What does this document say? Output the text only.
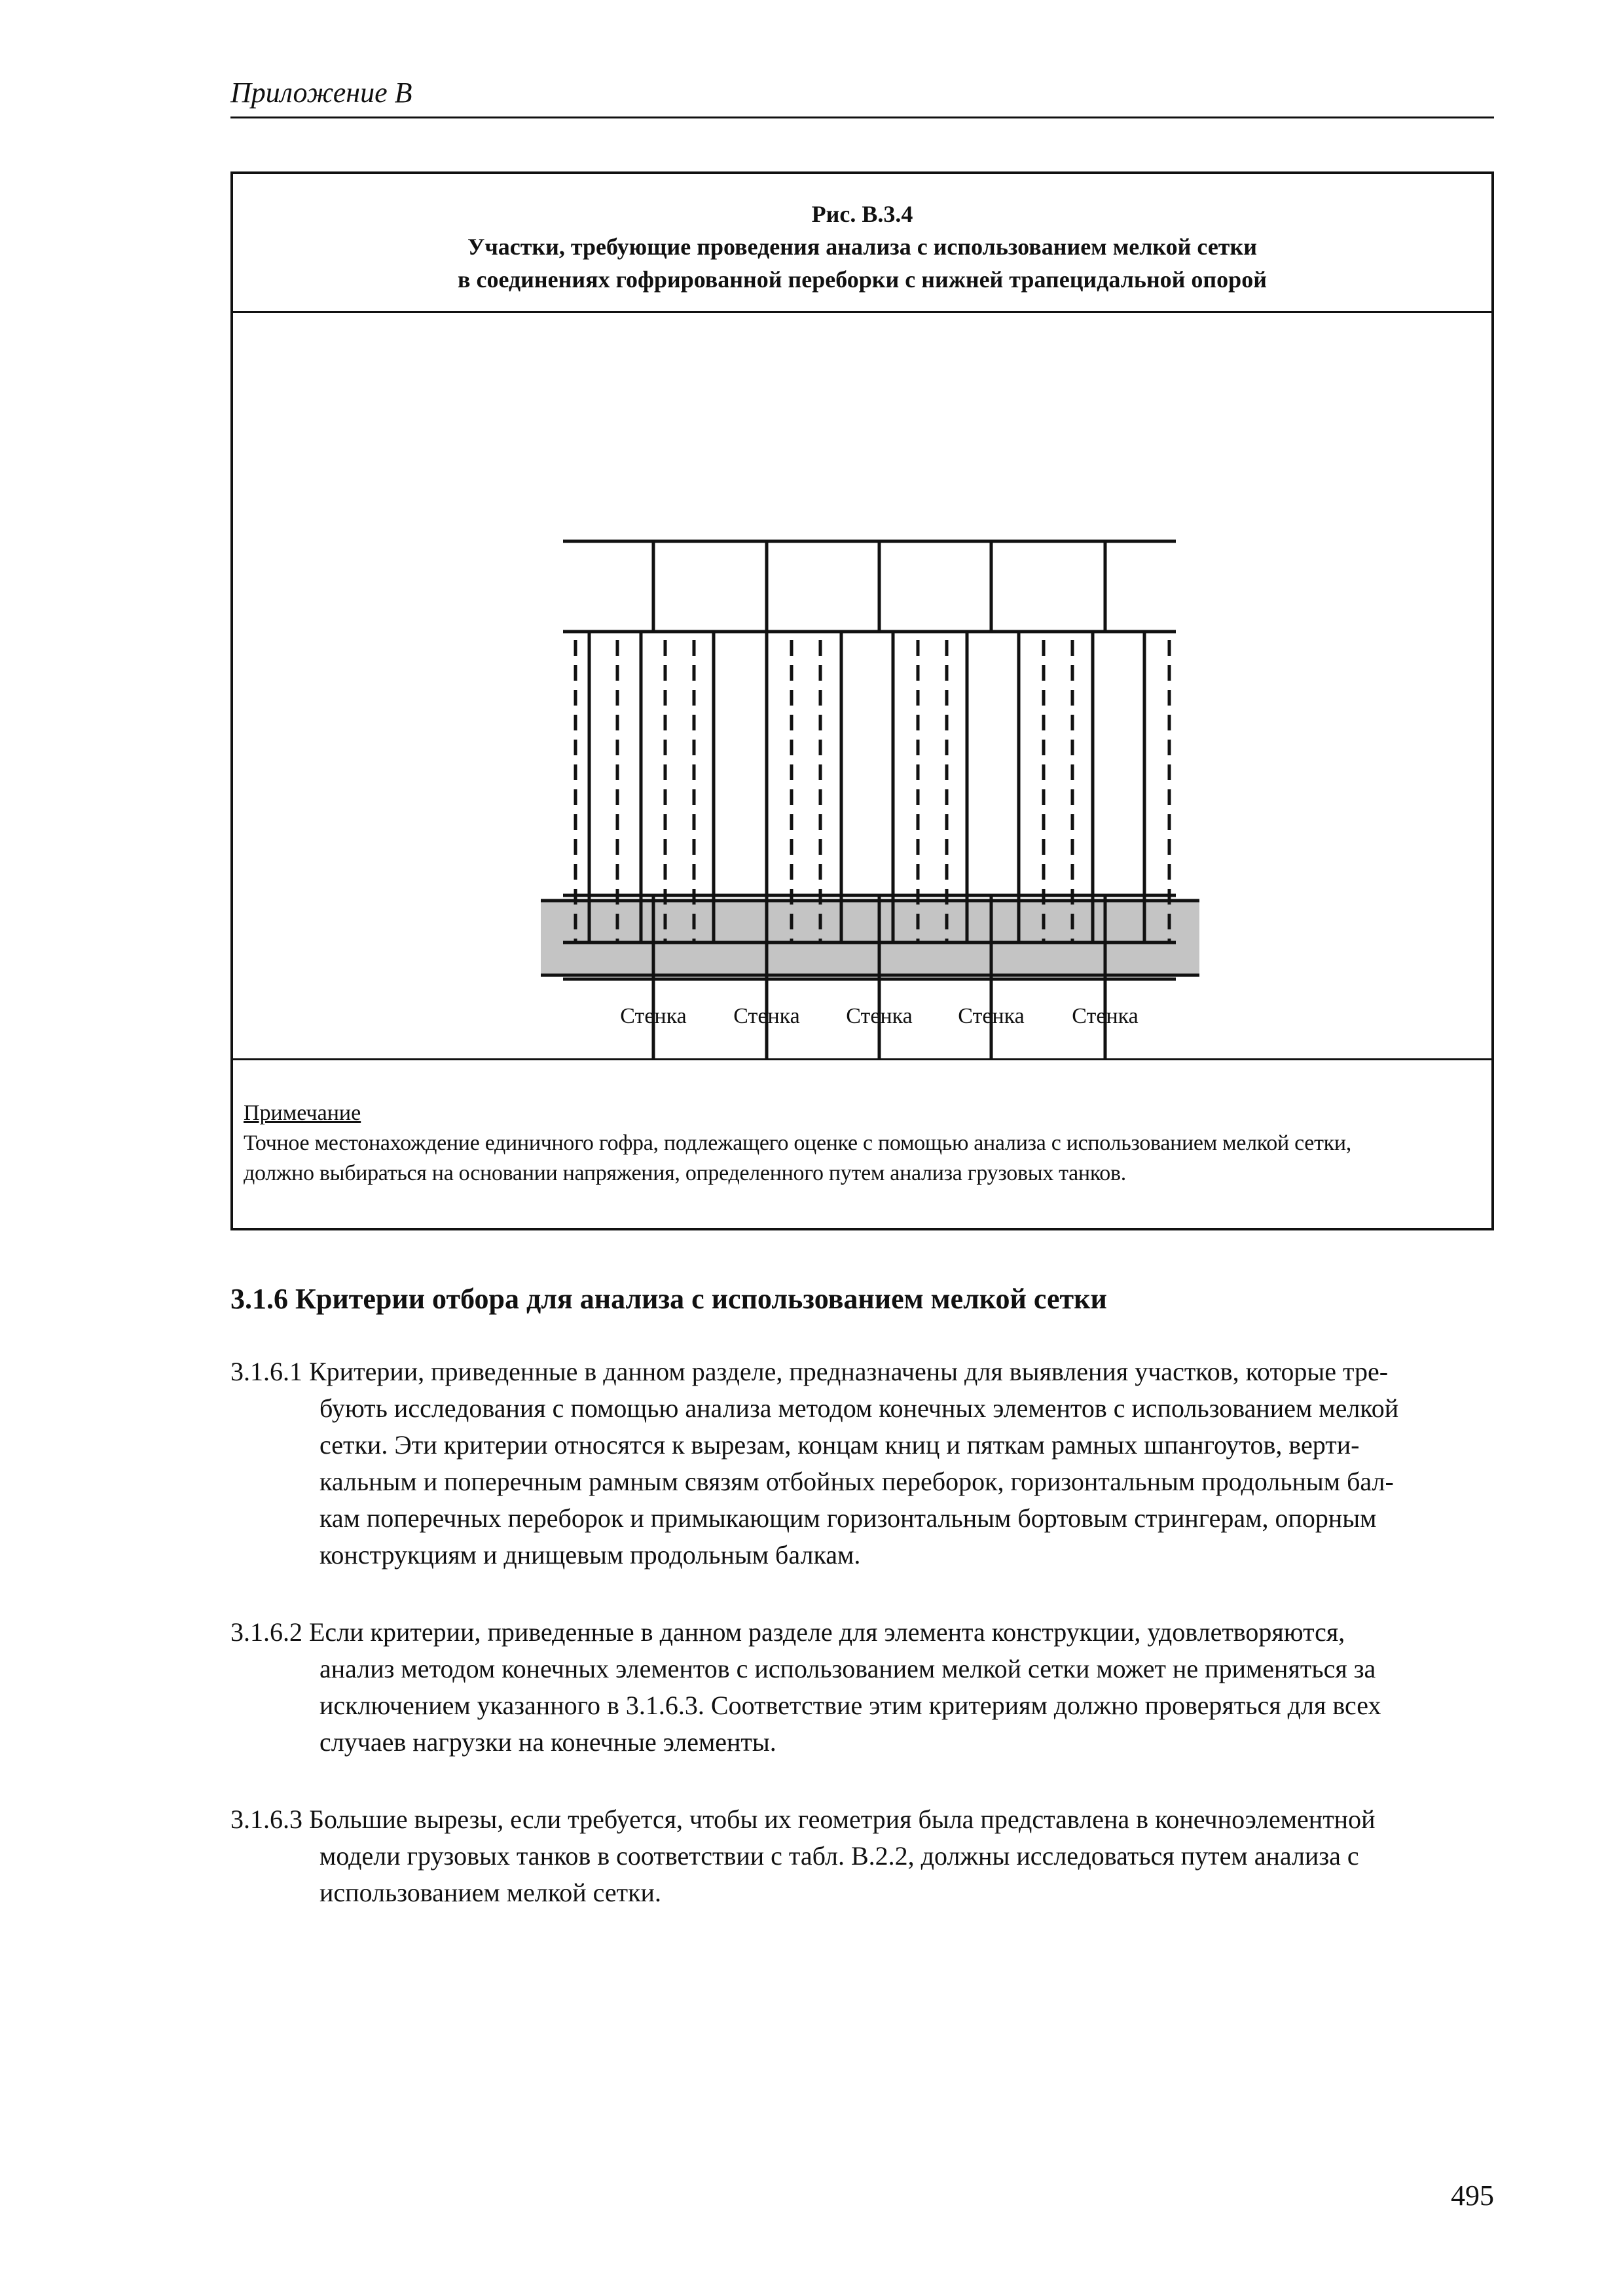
Приложение В
Рис. В.3.4
Участки, требующие проведения анализа с использованием мелкой сетки
в соединениях гофрированной переборки с нижней трапецидальной опорой
Стенка Стенка Стенка Стенка Стенка
Примечание
Точное местонахождение единичного гофра, подлежащего оценке с помощью анализа с использованием мелкой сетки,
должно выбираться на основании напряжения, определенного путем анализа грузовых танков.
3.1.6 Критерии отбора для анализа с использованием мелкой сетки
3.1.6.1 Критерии, приведенные в данном разделе, предназначены для выявления участков, которые тре-
бують исследования с помощью анализа методом конечных элементов с использованием мелкой
сетки. Эти критерии относятся к вырезам, концам книц и пяткам рамных шпангоутов, верти-
кальным и поперечным рамным связям отбойных переборок, горизонтальным продольным бал-
кам поперечных переборок и примыкающим горизонтальным бортовым стрингерам, опорным
конструкциям и днищевым продольным балкам.
3.1.6.2 Если критерии, приведенные в данном разделе для элемента конструкции, удовлетворяются,
анализ методом конечных элементов с использованием мелкой сетки может не применяться за
исключением указанного в 3.1.6.3. Соответствие этим критериям должно проверяться для всех
случаев нагрузки на конечные элементы.
3.1.6.3 Большие вырезы, если требуется, чтобы их геометрия была представлена в конечноэлементной
модели грузовых танков в соответствии с табл. В.2.2, должны исследоваться путем анализа с
использованием мелкой сетки.
495
